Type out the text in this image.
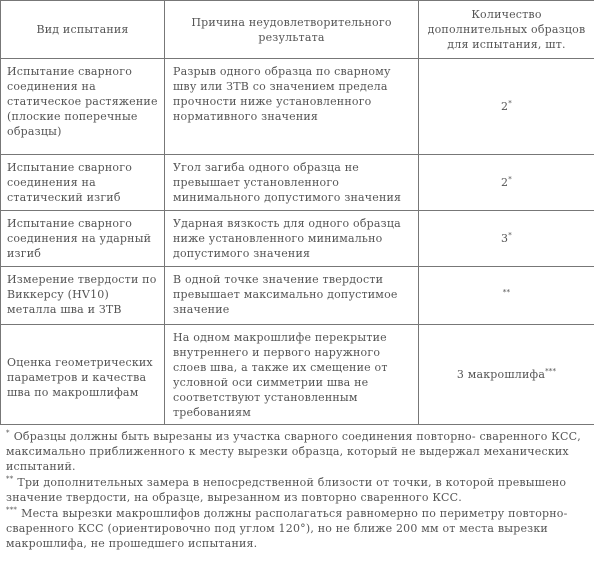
Вид испытания	Причина неудовлетворительного результата	Количество дополнительных образцов для испытания, шт.
Испытание сварного соединения на статическое растяжение (плоские поперечные образцы)	Разрыв одного образца по сварному шву или ЗТВ со значением предела прочности ниже установленного нормативного значения	2*
Испытание сварного соединения на статический изгиб	Угол загиба одного образца не превышает установленного минимального допустимого значения	2*
Испытание сварного соединения на ударный изгиб	Ударная вязкость для одного образца ниже установленного минимально допустимого значения	3*
Измерение твердости по Виккерсу (HV10) металла шва и ЗТВ	В одной точке значение твердости превышает максимально допустимое значение	**
Оценка геометрических параметров и качества шва по макрошлифам	На одном макрошлифе перекрытие внутреннего и первого наружного слоев шва, а также их смещение от условной оси симметрии шва не соответствуют установленным требованиям	3 макрошлифа***

* Образцы должны быть вырезаны из участка сварного соединения повторно- сваренного КСС, максимально приближенного к месту вырезки образца, который не выдержал механических испытаний.

** Три дополнительных замера в непосредственной близости от точки, в которой превышено значение твердости, на образце, вырезанном из повторно сваренного КСС.

*** Места вырезки макрошлифов должны располагаться равномерно по периметру повторно-сваренного КСС (ориентировочно под углом 120°), но не ближе 200 мм от места вырезки макрошлифа, не прошедшего испытания.
